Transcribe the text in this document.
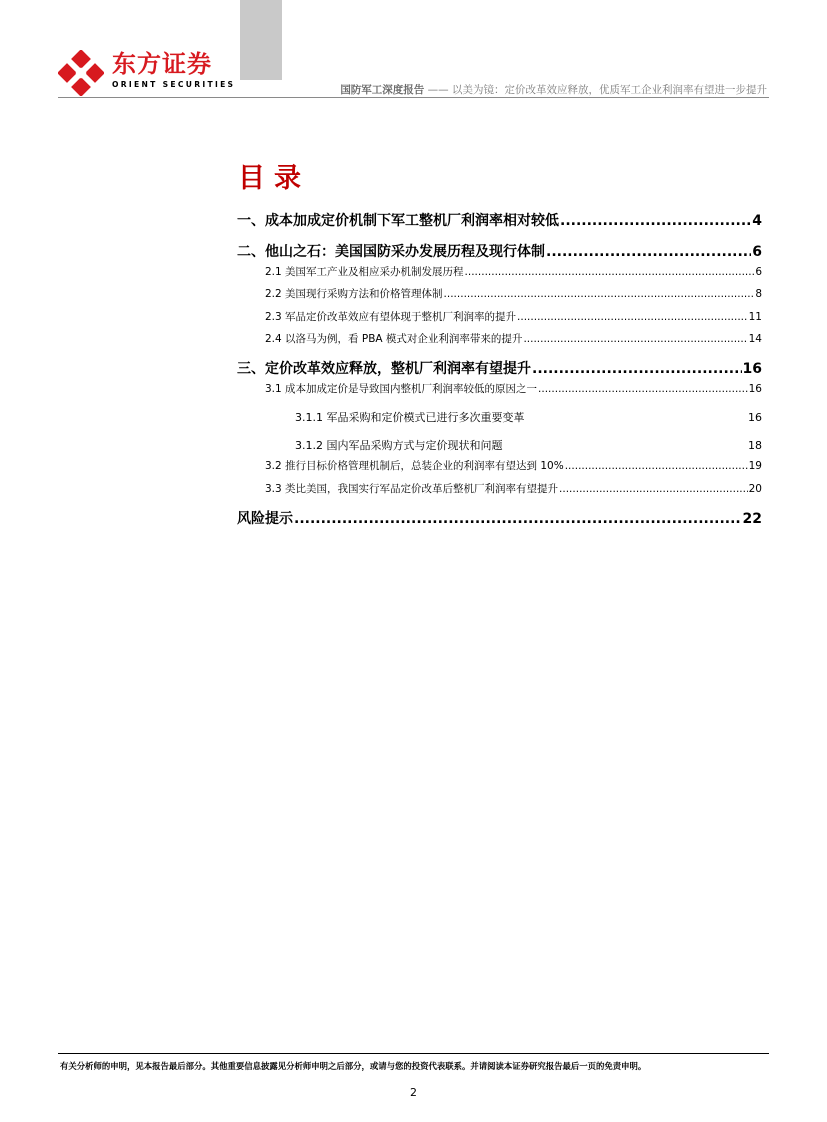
东方证券
ORIENT SECURITIES	国防军工深度报告 —— 以美为镜：定价改革效应释放，优质军工企业利润率有望进一步提升
目录
一、成本加成定价机制下军工整机厂利润率相对较低 .....	4
二、他山之石：美国国防采办发展历程及现行体制 .....	6
2.1 美国军工产业及相应采办机制发展历程 .....	6
2.2 美国现行采购方法和价格管理体制 .....	8
2.3 军品定价改革效应有望体现于整机厂利润率的提升 .....	11
2.4 以洛马为例，看 PBA 模式对企业利润率带来的提升 .....	14
三、定价改革效应释放，整机厂利润率有望提升 .....	16
3.1 成本加成定价是导致国内整机厂利润率较低的原因之一 .....	16
3.1.1 军品采购和定价模式已进行多次重要变革	16
3.1.2 国内军品采购方式与定价现状和问题	18
3.2 推行目标价格管理机制后，总装企业的利润率有望达到 10% .....	19
3.3 类比美国，我国实行军品定价改革后整机厂利润率有望提升 .....	20
风险提示 .....	22
有关分析师的申明，见本报告最后部分。其他重要信息披露见分析师申明之后部分，或请与您的投资代表联系。并请阅读本证券研究报告最后一页的免责申明。
2
